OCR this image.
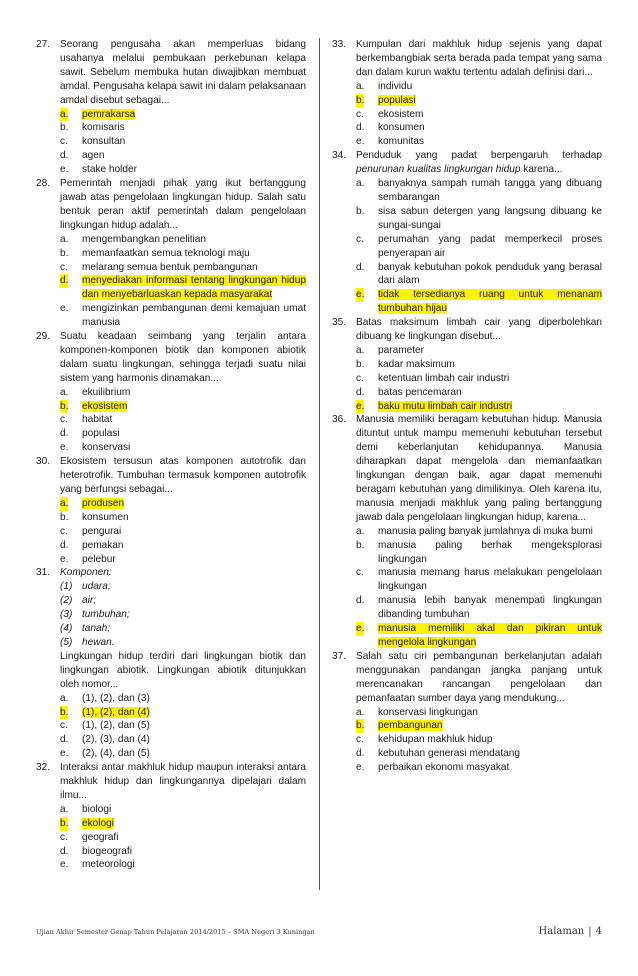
27. Seorang pengusaha akan memperluas bidang usahanya melalui pembukaan perkebunan kelapa sawit. Sebelum membuka hutan diwajibkan membuat amdal. Pengusaha kelapa sawit ini dalam pelaksanaan amdal disebut sebagai...
a. pemrakarsa
b. komisaris
c. konsultan
d. agen
e. stake holder
28. Pemerintah menjadi pihak yang ikut bertanggung jawab atas pengelolaan lingkungan hidup. Salah satu bentuk peran aktif pemerintah dalam pengelolaan lingkungan hidup adalah...
a. mengembangkan penelitian
b. memanfaatkan semua teknologi maju
c. melarang semua bentuk pembangunan
d. menyediakan informasi tentang lingkungan hidup dan menyebarluaskan kepada masyarakat
e. mengizinkan pembangunan demi kemajuan umat manusia
29. Suatu keadaan seimbang yang terjalin antara komponen-komponen biotik dan komponen abiotik dalam suatu lingkungan, sehingga terjadi suatu nilai sistem yang harmonis dinamakan...
a. ekuilibrium
b. ekosistem
c. habitat
d. populasi
e. konservasi
30. Ekosistem tersusun atas komponen autotrofik dan heterotrofik. Tumbuhan termasuk komponen autotrofik yang berfungsi sebagai...
a. produsen
b. konsumen
c. pengurai
d. pemakan
e. pelebur
31. Komponen:
(1) udara;
(2) air;
(3) tumbuhan;
(4) tanah;
(5) hewan.
Lingkungan hidup terdiri dari lingkungan biotik dan lingkungan abiotik. Lingkungan abiotik ditunjukkan oleh nomor...
a. (1), (2), dan (3)
b. (1), (2), dan (4)
c. (1), (2), dan (5)
d. (2), (3), dan (4)
e. (2), (4), dan (5)
32. Interaksi antar makhluk hidup maupun interaksi antara makhluk hidup dan lingkungannya dipelajari dalam ilmu...
a. biologi
b. ekologi
c. geografi
d. biogeografi
e. meteorologi
33. Kumpulan dari makhluk hidup sejenis yang dapat berkembangbiak serta berada pada tempat yang sama dan dalam kurun waktu tertentu adalah definisi dari...
a. individu
b. populasi
c. ekosistem
d. konsumen
e. komunitas
34. Penduduk yang padat berpengaruh terhadap penurunan kualitas lingkungan hidup karena...
a. banyaknya sampah rumah tangga yang dibuang sembarangan
b. sisa sabun detergen yang langsung dibuang ke sungai-sungai
c. perumahan yang padat memperkecil proses penyerapan air
d. banyak kebutuhan pokok penduduk yang berasal dari alam
e. tidak tersedianya ruang untuk menanam tumbuhan hijau
35. Batas maksimum limbah cair yang diperbolehkan dibuang ke lingkungan disebut...
a. parameter
b. kadar maksimum
c. ketentuan limbah cair industri
d. batas pencemaran
e. baku mutu limbah cair industri
36. Manusia memiliki beragam kebutuhan hidup. Manusia dituntut untuk mampu memenuhi kebutuhan tersebut demi keberlanjutan kehidupannya. Manusia diharapkan dapat mengelola dan memanfaatkan lingkungan dengan baik, agar dapat memenuhi beragam kebutuhan yang dimilikinya. Oleh karena itu, manusia menjadi makhluk yang paling bertanggung jawab dala pengelolaan lingkungan hidup, karena...
a. manusia paling banyak jumlahnya di muka bumi
b. manusia paling berhak mengeksplorasi lingkungan
c. manusia memang harus melakukan pengelolaan lingkungan
d. manusia lebih banyak menempati lingkungan dibanding tumbuhan
e. manusia memiliki akal dan pikiran untuk mengelola lingkungan
37. Salah satu ciri pembangunan berkelanjutan adalah menggunakan pandangan jangka panjang untuk merencanakan rancangan pengelolaan dan pemanfaatan sumber daya yang mendukung...
a. konservasi lingkungan
b. pembangunan
c. kehidupan makhluk hidup
d. kebutuhan generasi mendatang
e. perbaikan ekonomi masyakat
Ujian Akhir Semester Genap Tahun Pelajaran 2014/2015 – SMA Negeri 3 Kuningan	Halaman | 4
